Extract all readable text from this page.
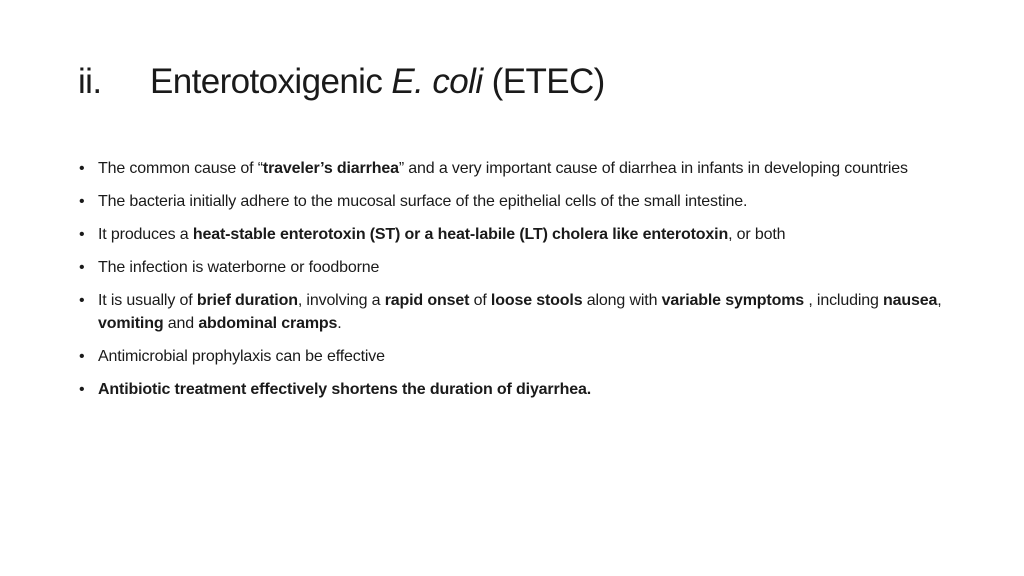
ii.	Enterotoxigenic E. coli (ETEC)
• The common cause of “traveler’s diarrhea” and a very important cause of diarrhea in infants in developing countries
• The bacteria initially adhere to the mucosal surface of the epithelial cells of the small intestine.
• It produces a heat-stable enterotoxin (ST) or a heat-labile (LT) cholera like enterotoxin, or both
• The infection is waterborne or foodborne
• It is usually of brief duration, involving a rapid onset of loose stools along with variable symptoms , including nausea, vomiting and abdominal cramps.
• Antimicrobial prophylaxis can be effective
• Antibiotic treatment effectively shortens the duration of diyarrhea.
